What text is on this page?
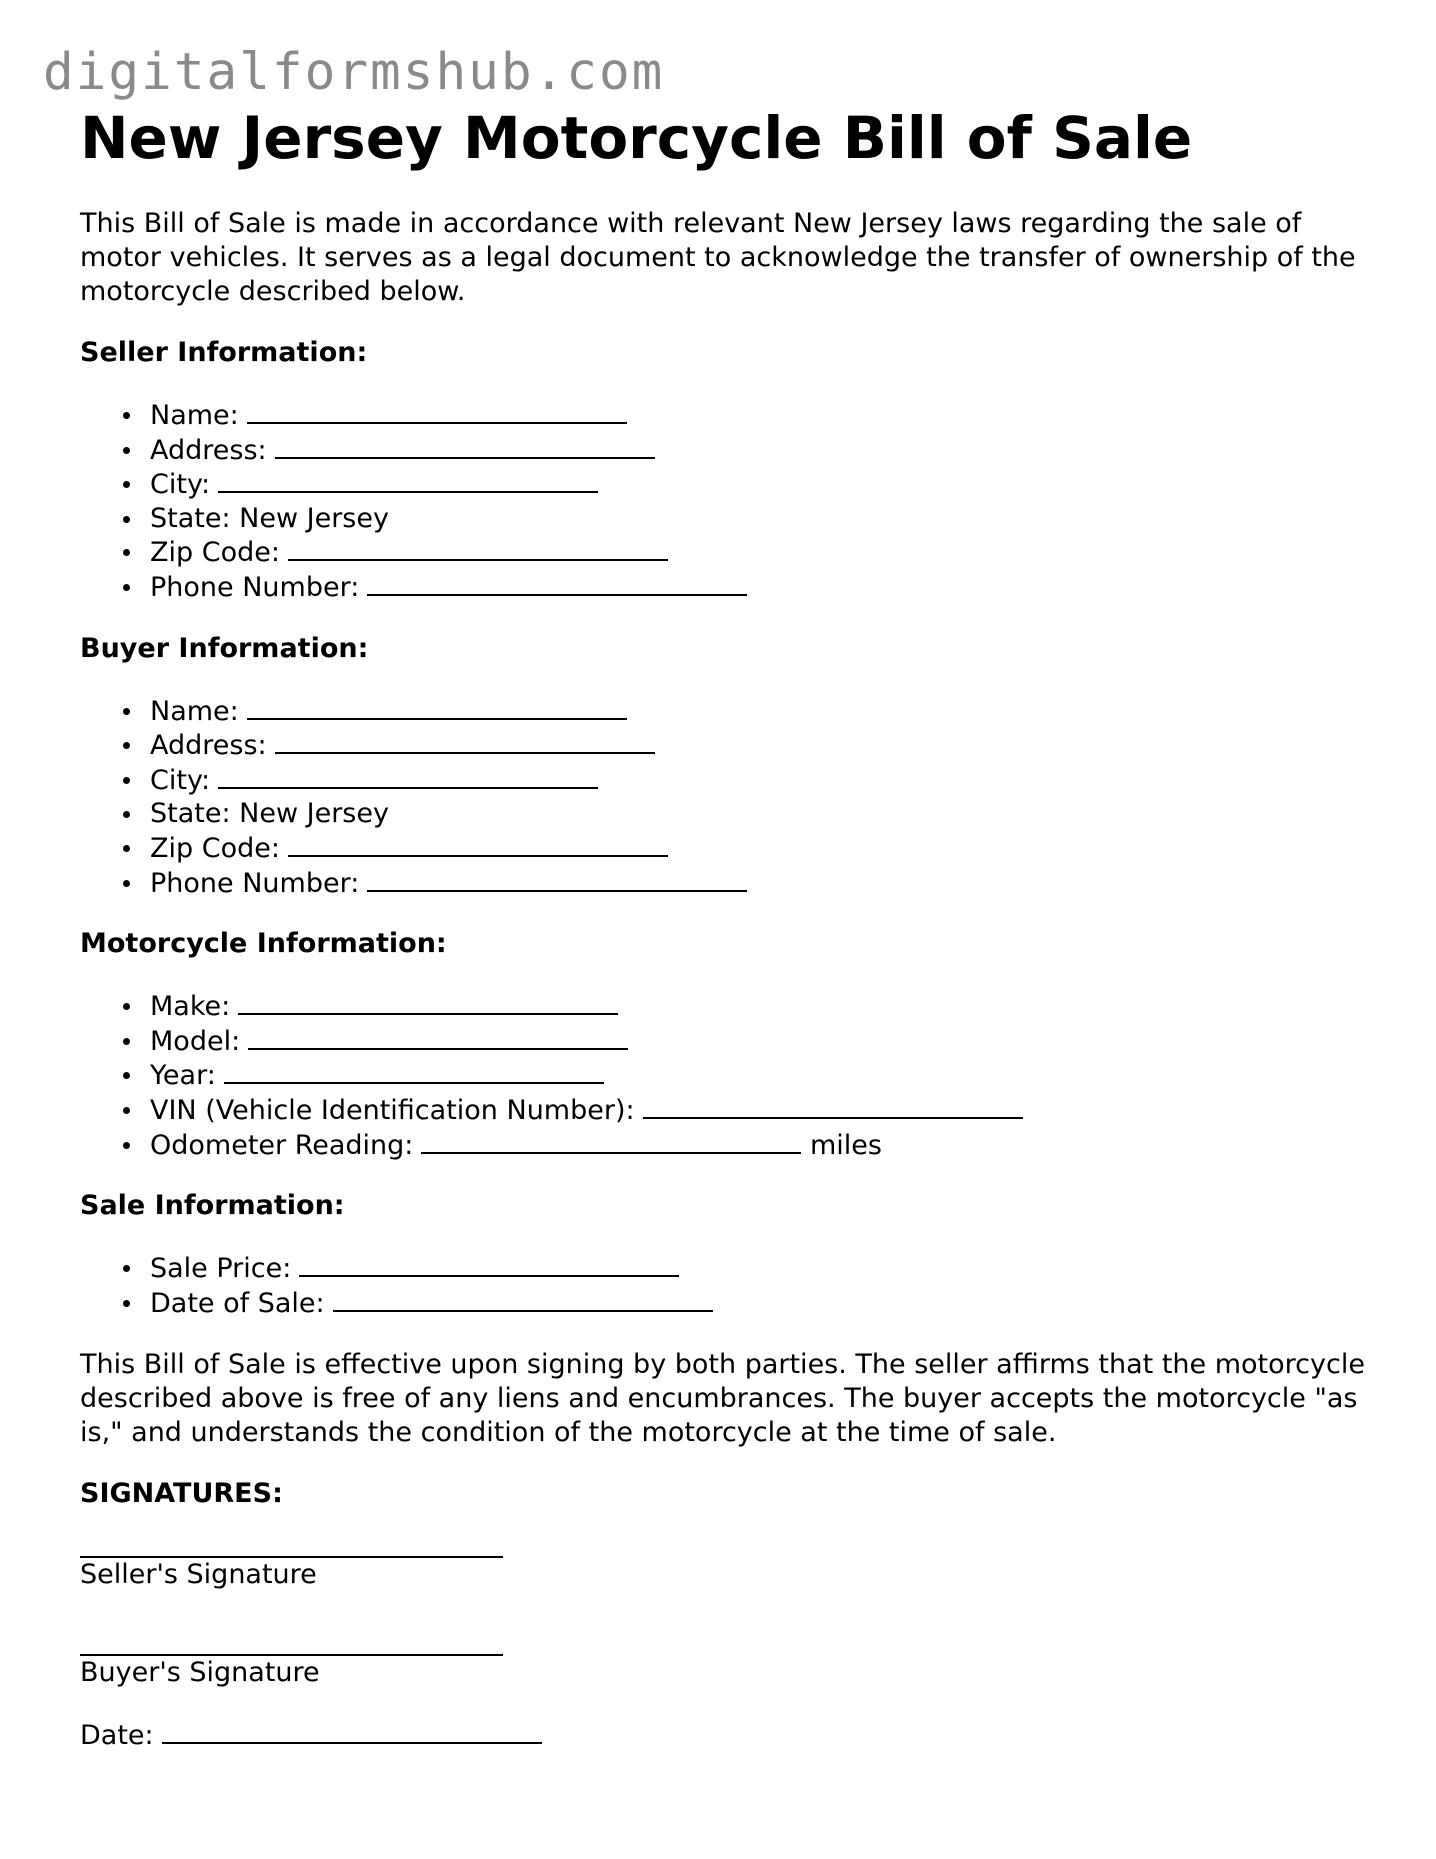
digitalformshub.com
New Jersey Motorcycle Bill of Sale

This Bill of Sale is made in accordance with relevant New Jersey laws regarding the sale of motor vehicles. It serves as a legal document to acknowledge the transfer of ownership of the motorcycle described below.

Seller Information:
Name:
Address:
City:
State: New Jersey
Zip Code:
Phone Number:
Buyer Information:
Name:
Address:
City:
State: New Jersey
Zip Code:
Phone Number:
Motorcycle Information:
Make:
Model:
Year:
VIN (Vehicle Identification Number):
Odometer Reading:	miles
Sale Information:
Sale Price:
Date of Sale:

This Bill of Sale is effective upon signing by both parties. The seller affirms that the motorcycle described above is free of any liens and encumbrances. The buyer accepts the motorcycle "as is," and understands the condition of the motorcycle at the time of sale.

SIGNATURES:
Seller's Signature
Buyer's Signature
Date:
